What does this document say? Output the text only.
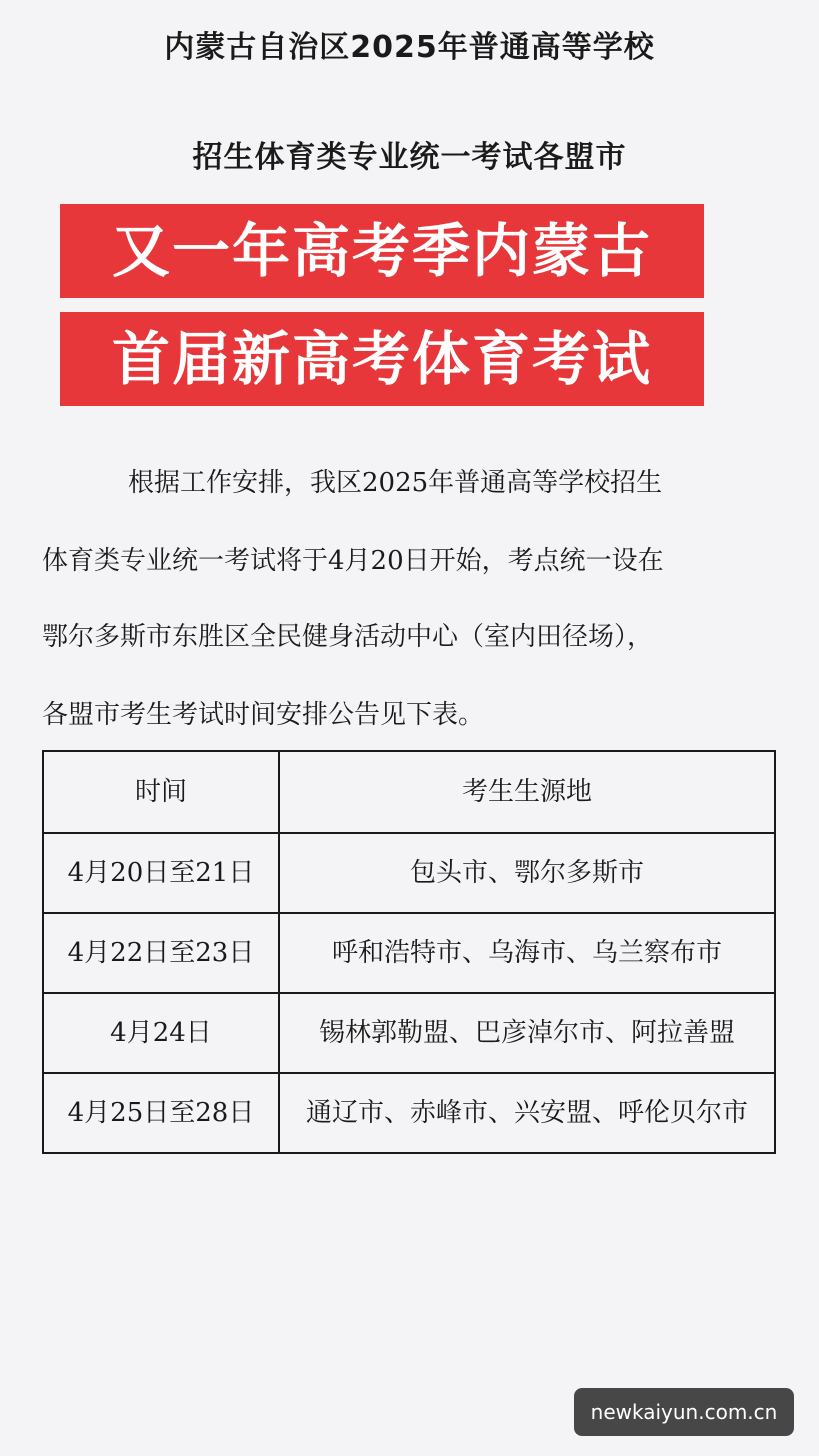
内蒙古自治区2025年普通高等学校
招生体育类专业统一考试各盟市
又一年高考季内蒙古
首届新高考体育考试
根据工作安排，我区2025年普通高等学校招生
体育类专业统一考试将于4月20日开始，考点统一设在
鄂尔多斯市东胜区全民健身活动中心（室内田径场），
各盟市考生考试时间安排公告见下表。
时间	考生生源地
4月20日至21日	包头市、鄂尔多斯市
4月22日至23日	呼和浩特市、乌海市、乌兰察布市
4月24日	锡林郭勒盟、巴彦淖尔市、阿拉善盟
4月25日至28日	通辽市、赤峰市、兴安盟、呼伦贝尔市
newkaiyun.com.cn
